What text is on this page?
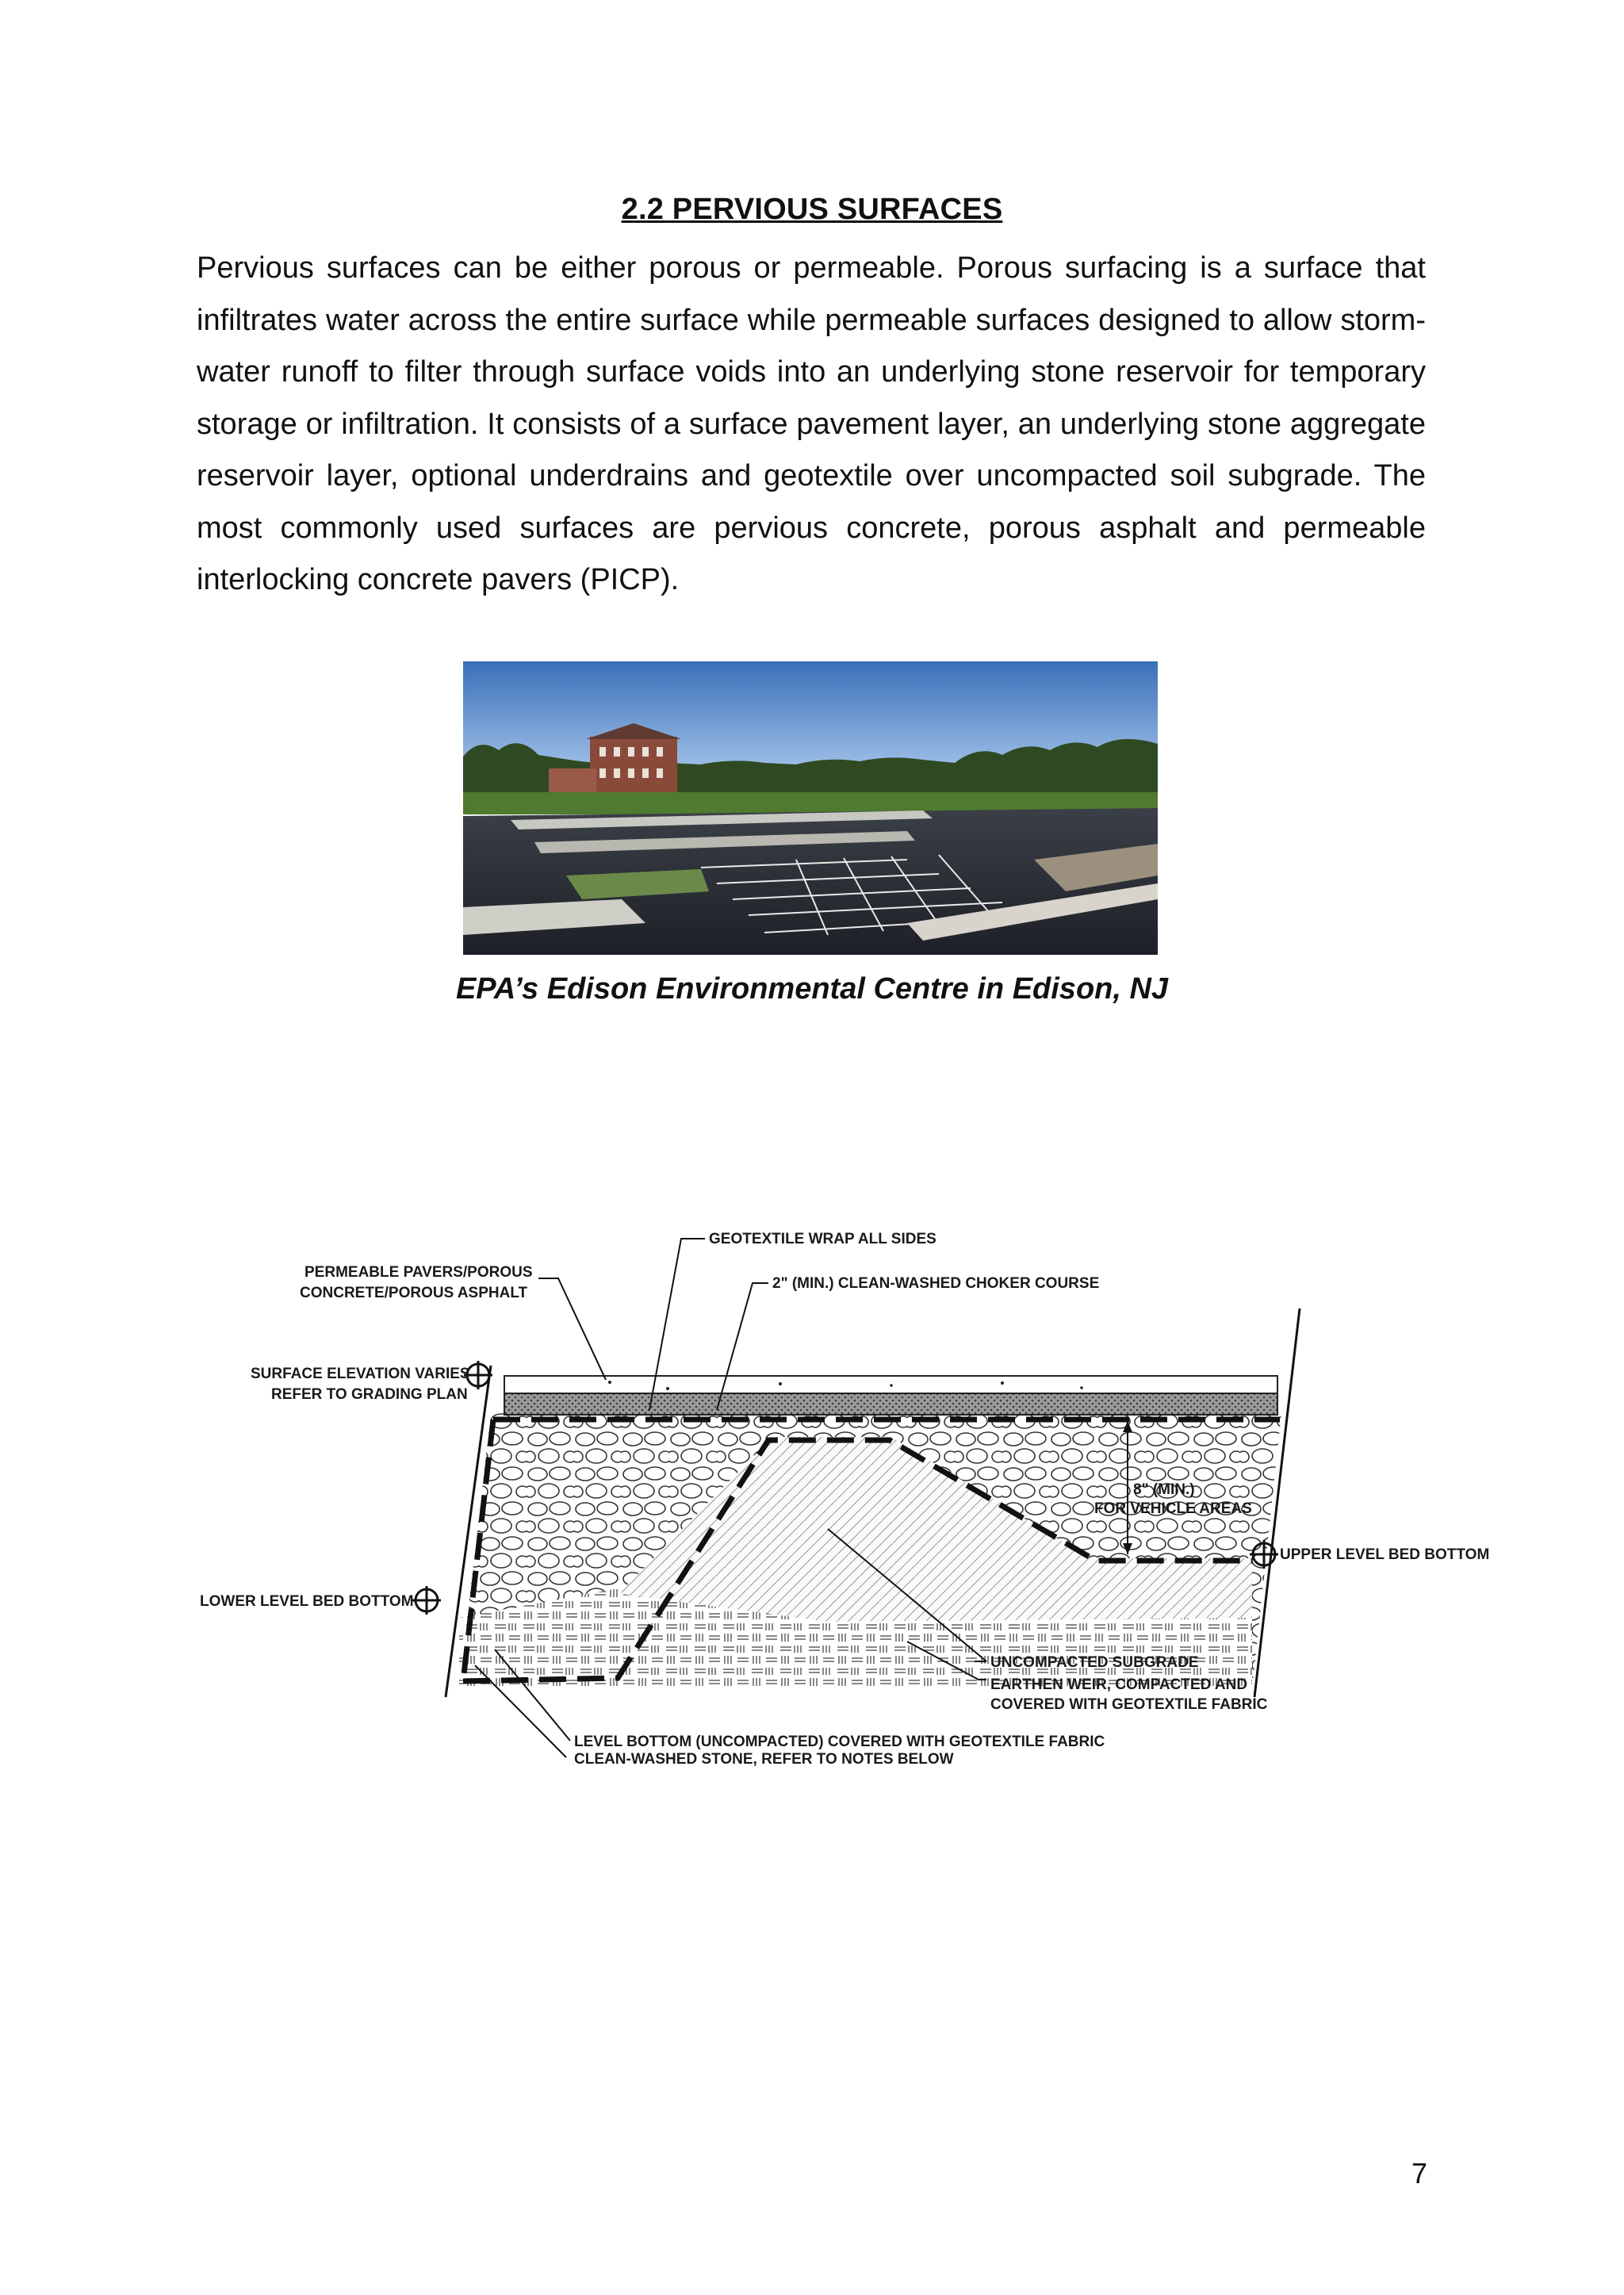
2.2 PERVIOUS SURFACES

Pervious surfaces can be either porous or permeable. Porous surfacing is a surface that infiltrates water across the entire surface while permeable surfaces designed to allow storm-water runoff to filter through surface voids into an underlying stone reservoir for temporary storage or infiltration. It consists of a surface pavement layer, an underlying stone aggregate reservoir layer, optional underdrains and geotextile over uncompacted soil subgrade. The most commonly used surfaces are pervious concrete, porous asphalt and permeable interlocking concrete pavers (PICP).

EPA’s Edison Environmental Centre in Edison, NJ
GEOTEXTILE WRAP ALL SIDES
PERMEABLE PAVERS/POROUS
CONCRETE/POROUS ASPHALT
2" (MIN.) CLEAN-WASHED CHOKER COURSE
SURFACE ELEVATION VARIES
REFER TO GRADING PLAN
8" (MIN.)
FOR VEHICLE AREAS
UPPER LEVEL BED BOTTOM
LOWER LEVEL BED BOTTOM
UNCOMPACTED SUBGRADE
EARTHEN WEIR, COMPACTED AND
COVERED WITH GEOTEXTILE FABRIC
LEVEL BOTTOM (UNCOMPACTED) COVERED WITH GEOTEXTILE FABRIC
CLEAN-WASHED STONE, REFER TO NOTES BELOW
7
